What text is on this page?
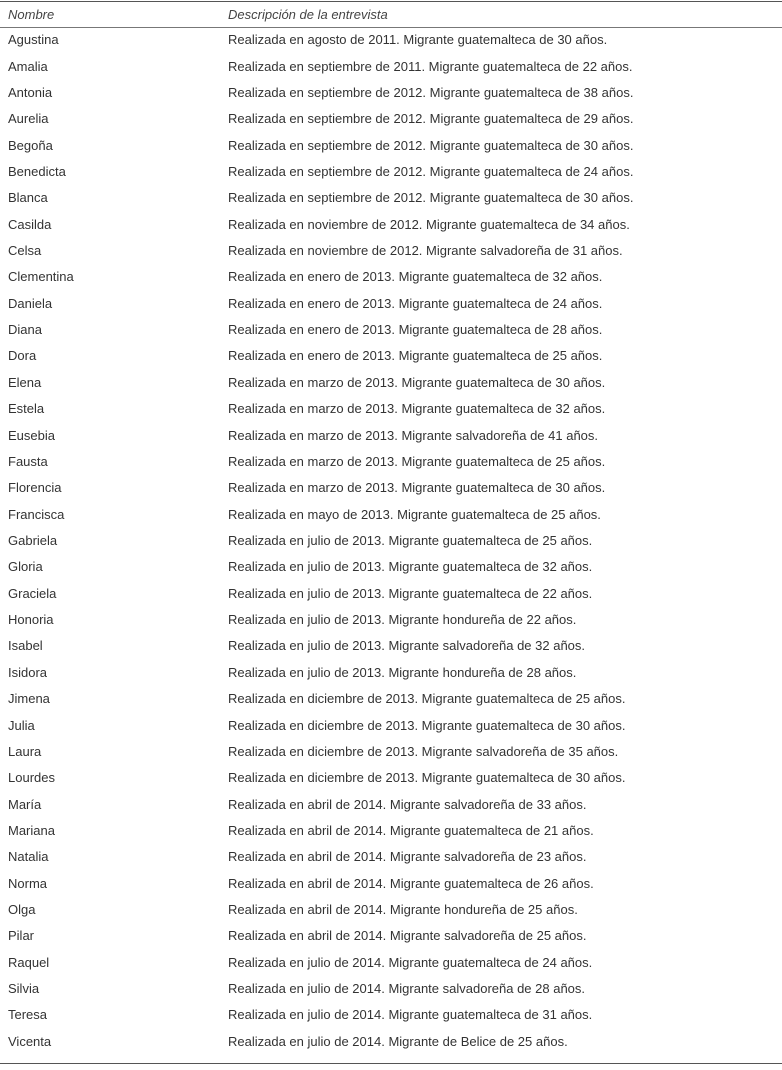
Nombre	Descripción de la entrevista
Agustina	Realizada en agosto de 2011. Migrante guatemalteca de 30 años.
Amalia	Realizada en septiembre de 2011. Migrante guatemalteca de 22 años.
Antonia	Realizada en septiembre de 2012. Migrante guatemalteca de 38 años.
Aurelia	Realizada en septiembre de 2012. Migrante guatemalteca de 29 años.
Begoña	Realizada en septiembre de 2012. Migrante guatemalteca de 30 años.
Benedicta	Realizada en septiembre de 2012. Migrante guatemalteca de 24 años.
Blanca	Realizada en septiembre de 2012. Migrante guatemalteca de 30 años.
Casilda	Realizada en noviembre de 2012. Migrante guatemalteca de 34 años.
Celsa	Realizada en noviembre de 2012. Migrante salvadoreña de 31 años.
Clementina	Realizada en enero de 2013. Migrante guatemalteca de 32 años.
Daniela	Realizada en enero de 2013. Migrante guatemalteca de 24 años.
Diana	Realizada en enero de 2013. Migrante guatemalteca de 28 años.
Dora	Realizada en enero de 2013. Migrante guatemalteca de 25 años.
Elena	Realizada en marzo de 2013. Migrante guatemalteca de 30 años.
Estela	Realizada en marzo de 2013. Migrante guatemalteca de 32 años.
Eusebia	Realizada en marzo de 2013. Migrante salvadoreña de 41 años.
Fausta	Realizada en marzo de 2013. Migrante guatemalteca de 25 años.
Florencia	Realizada en marzo de 2013. Migrante guatemalteca de 30 años.
Francisca	Realizada en mayo de 2013. Migrante guatemalteca de 25 años.
Gabriela	Realizada en julio de 2013. Migrante guatemalteca de 25 años.
Gloria	Realizada en julio de 2013. Migrante guatemalteca de 32 años.
Graciela	Realizada en julio de 2013. Migrante guatemalteca de 22 años.
Honoria	Realizada en julio de 2013. Migrante hondureña de 22 años.
Isabel	Realizada en julio de 2013. Migrante salvadoreña de 32 años.
Isidora	Realizada en julio de 2013. Migrante hondureña de 28 años.
Jimena	Realizada en diciembre de 2013. Migrante guatemalteca de 25 años.
Julia	Realizada en diciembre de 2013. Migrante guatemalteca de 30 años.
Laura	Realizada en diciembre de 2013. Migrante salvadoreña de 35 años.
Lourdes	Realizada en diciembre de 2013. Migrante guatemalteca de 30 años.
María	Realizada en abril de 2014. Migrante salvadoreña de 33 años.
Mariana	Realizada en abril de 2014. Migrante guatemalteca de 21 años.
Natalia	Realizada en abril de 2014. Migrante salvadoreña de 23 años.
Norma	Realizada en abril de 2014. Migrante guatemalteca de 26 años.
Olga	Realizada en abril de 2014. Migrante hondureña de 25 años.
Pilar	Realizada en abril de 2014. Migrante salvadoreña de 25 años.
Raquel	Realizada en julio de 2014. Migrante guatemalteca de 24 años.
Silvia	Realizada en julio de 2014. Migrante salvadoreña de 28 años.
Teresa	Realizada en julio de 2014. Migrante guatemalteca de 31 años.
Vicenta	Realizada en julio de 2014. Migrante de Belice de 25 años.
